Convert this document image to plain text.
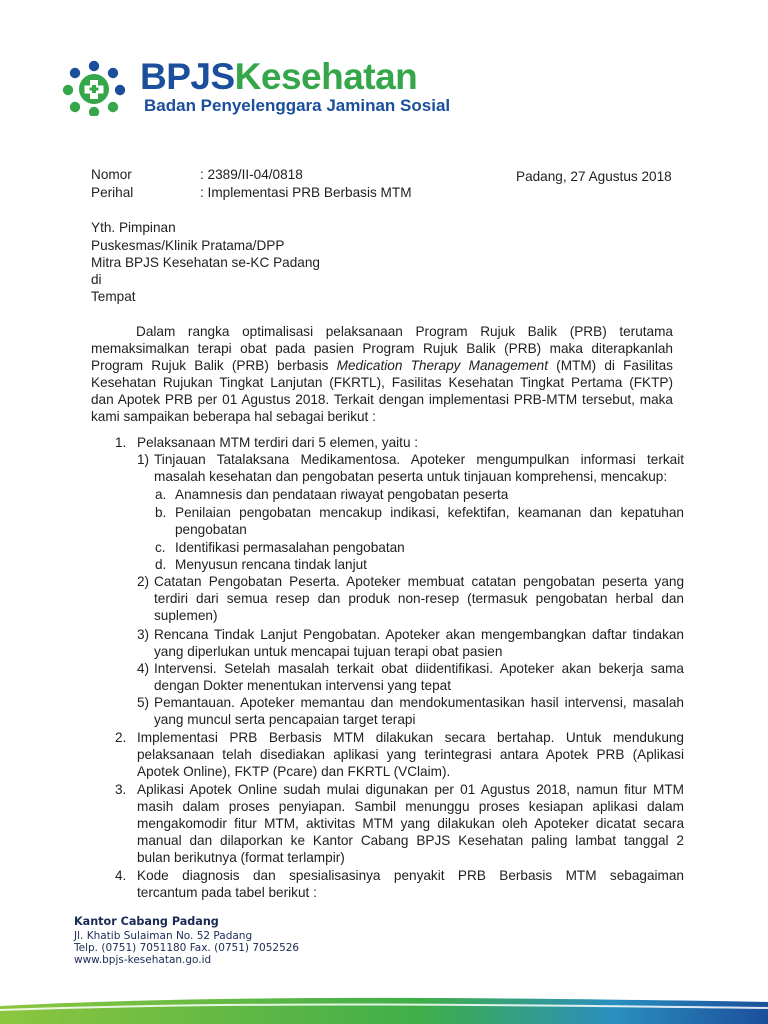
BPJSKesehatan
Badan Penyelenggara Jaminan Sosial
Nomor	: 2389/II-04/0818	Padang, 27 Agustus 2018
Perihal	: Implementasi PRB Berbasis MTM
Yth. Pimpinan
Puskesmas/Klinik Pratama/DPP
Mitra BPJS Kesehatan se-KC Padang
di
Tempat
Dalam rangka optimalisasi pelaksanaan Program Rujuk Balik (PRB) terutama
memaksimalkan terapi obat pada pasien Program Rujuk Balik (PRB) maka diterapkanlah
Program Rujuk Balik (PRB) berbasis Medication Therapy Management (MTM) di Fasilitas
Kesehatan Rujukan Tingkat Lanjutan (FKRTL), Fasilitas Kesehatan Tingkat Pertama (FKTP)
dan Apotek PRB per 01 Agustus 2018. Terkait dengan implementasi PRB-MTM tersebut, maka
kami sampaikan beberapa hal sebagai berikut :
1. Pelaksanaan MTM terdiri dari 5 elemen, yaitu :
1) Tinjauan Tatalaksana Medikamentosa. Apoteker mengumpulkan informasi terkait
masalah kesehatan dan pengobatan peserta untuk tinjauan komprehensi, mencakup:
a. Anamnesis dan pendataan riwayat pengobatan peserta
b. Penilaian pengobatan mencakup indikasi, kefektifan, keamanan dan kepatuhan
pengobatan
c. Identifikasi permasalahan pengobatan
d. Menyusun rencana tindak lanjut
2) Catatan Pengobatan Peserta. Apoteker membuat catatan pengobatan peserta yang
terdiri dari semua resep dan produk non-resep (termasuk pengobatan herbal dan
suplemen)
3) Rencana Tindak Lanjut Pengobatan. Apoteker akan mengembangkan daftar tindakan
yang diperlukan untuk mencapai tujuan terapi obat pasien
4) Intervensi. Setelah masalah terkait obat diidentifikasi. Apoteker akan bekerja sama
dengan Dokter menentukan intervensi yang tepat
5) Pemantauan. Apoteker memantau dan mendokumentasikan hasil intervensi, masalah
yang muncul serta pencapaian target terapi
2. Implementasi PRB Berbasis MTM dilakukan secara bertahap. Untuk mendukung
pelaksanaan telah disediakan aplikasi yang terintegrasi antara Apotek PRB (Aplikasi
Apotek Online), FKTP (Pcare) dan FKRTL (VClaim).
3. Aplikasi Apotek Online sudah mulai digunakan per 01 Agustus 2018, namun fitur MTM
masih dalam proses penyiapan. Sambil menunggu proses kesiapan aplikasi dalam
mengakomodir fitur MTM, aktivitas MTM yang dilakukan oleh Apoteker dicatat secara
manual dan dilaporkan ke Kantor Cabang BPJS Kesehatan paling lambat tanggal 2
bulan berikutnya (format terlampir)
4. Kode diagnosis dan spesialisasinya penyakit PRB Berbasis MTM sebagaiman
tercantum pada tabel berikut :
Kantor Cabang Padang
Jl. Khatib Sulaiman No. 52 Padang
Telp. (0751) 7051180 Fax. (0751) 7052526
www.bpjs-kesehatan.go.id
